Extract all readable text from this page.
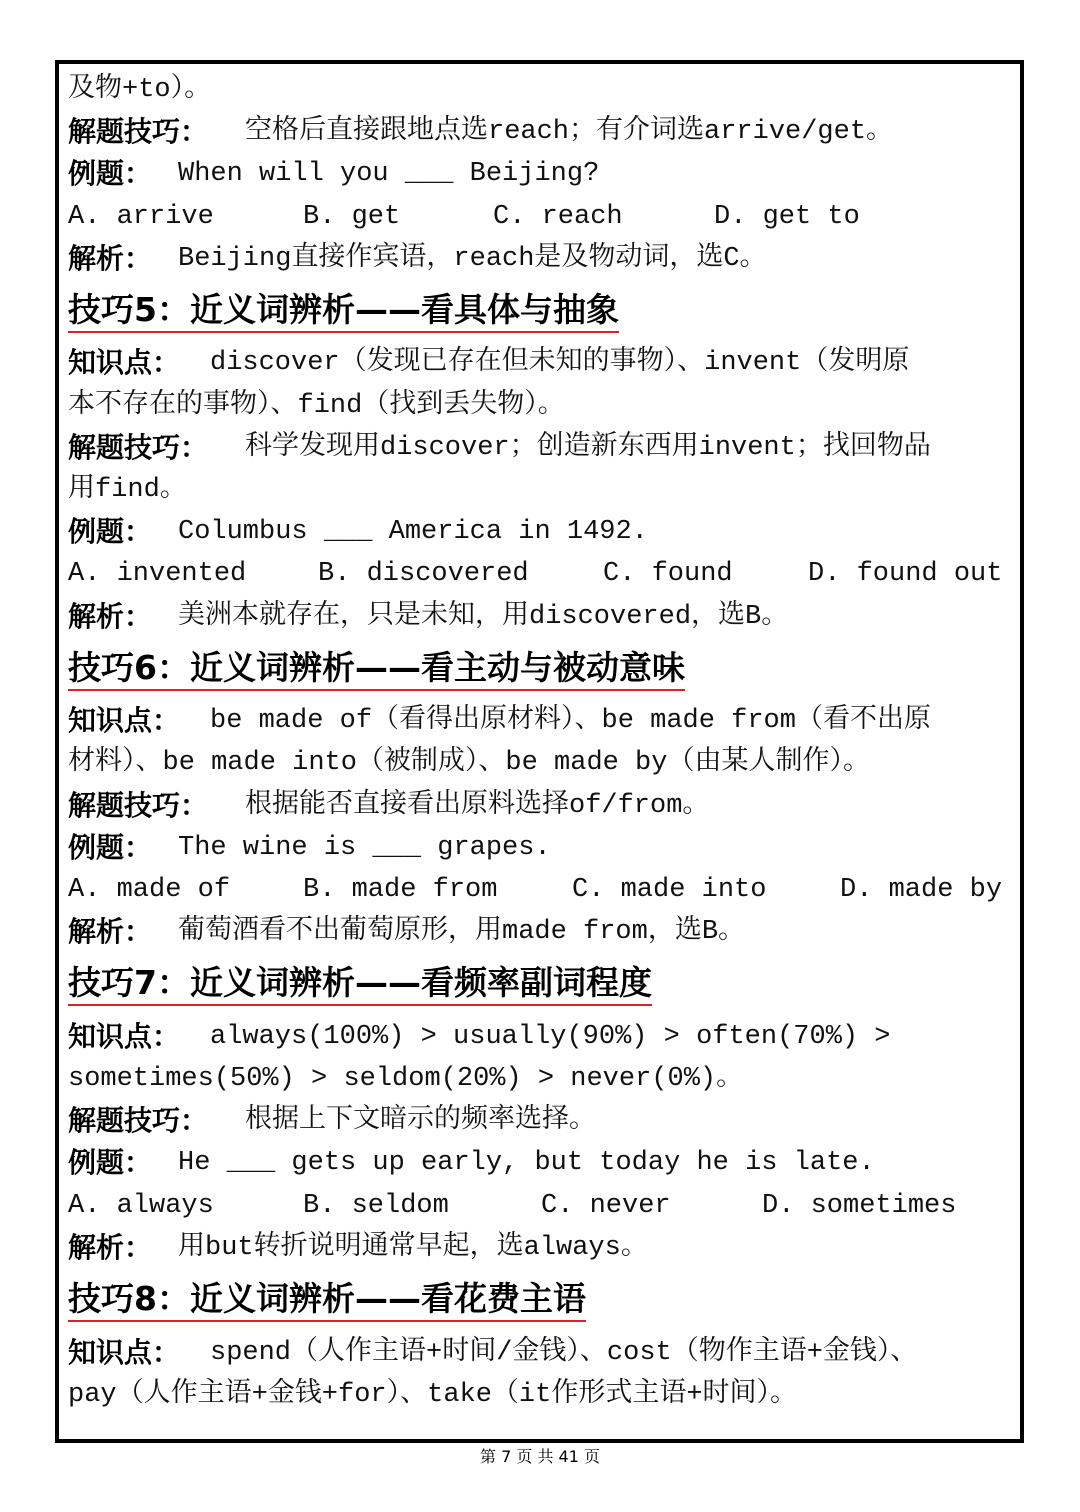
及物+to）。
解题技巧： 空格后直接跟地点选reach；有介词选arrive/get。
例题： When will you ___ Beijing?
A. arrive	B. get	C. reach	D. get to
解析： Beijing直接作宾语，reach是及物动词，选C。
技巧5：近义词辨析——看具体与抽象
知识点： discover（发现已存在但未知的事物）、invent（发明原
本不存在的事物）、find（找到丢失物）。
解题技巧： 科学发现用discover；创造新东西用invent；找回物品
用find。
例题： Columbus ___ America in 1492.
A. invented	B. discovered	C. found	D. found out
解析： 美洲本就存在，只是未知，用discovered，选B。
技巧6：近义词辨析——看主动与被动意味
知识点： be made of（看得出原材料）、be made from（看不出原
材料）、be made into（被制成）、be made by（由某人制作）。
解题技巧： 根据能否直接看出原料选择of/from。
例题： The wine is ___ grapes.
A. made of	B. made from	C. made into	D. made by
解析： 葡萄酒看不出葡萄原形，用made from，选B。
技巧7：近义词辨析——看频率副词程度
知识点： always(100%) > usually(90%) > often(70%) >
sometimes(50%) > seldom(20%) > never(0%)。
解题技巧： 根据上下文暗示的频率选择。
例题： He ___ gets up early, but today he is late.
A. always	B. seldom	C. never	D. sometimes
解析： 用but转折说明通常早起，选always。
技巧8：近义词辨析——看花费主语
知识点： spend（人作主语+时间/金钱）、cost（物作主语+金钱）、
pay（人作主语+金钱+for）、take（it作形式主语+时间）。
第 7 页 共 41 页
